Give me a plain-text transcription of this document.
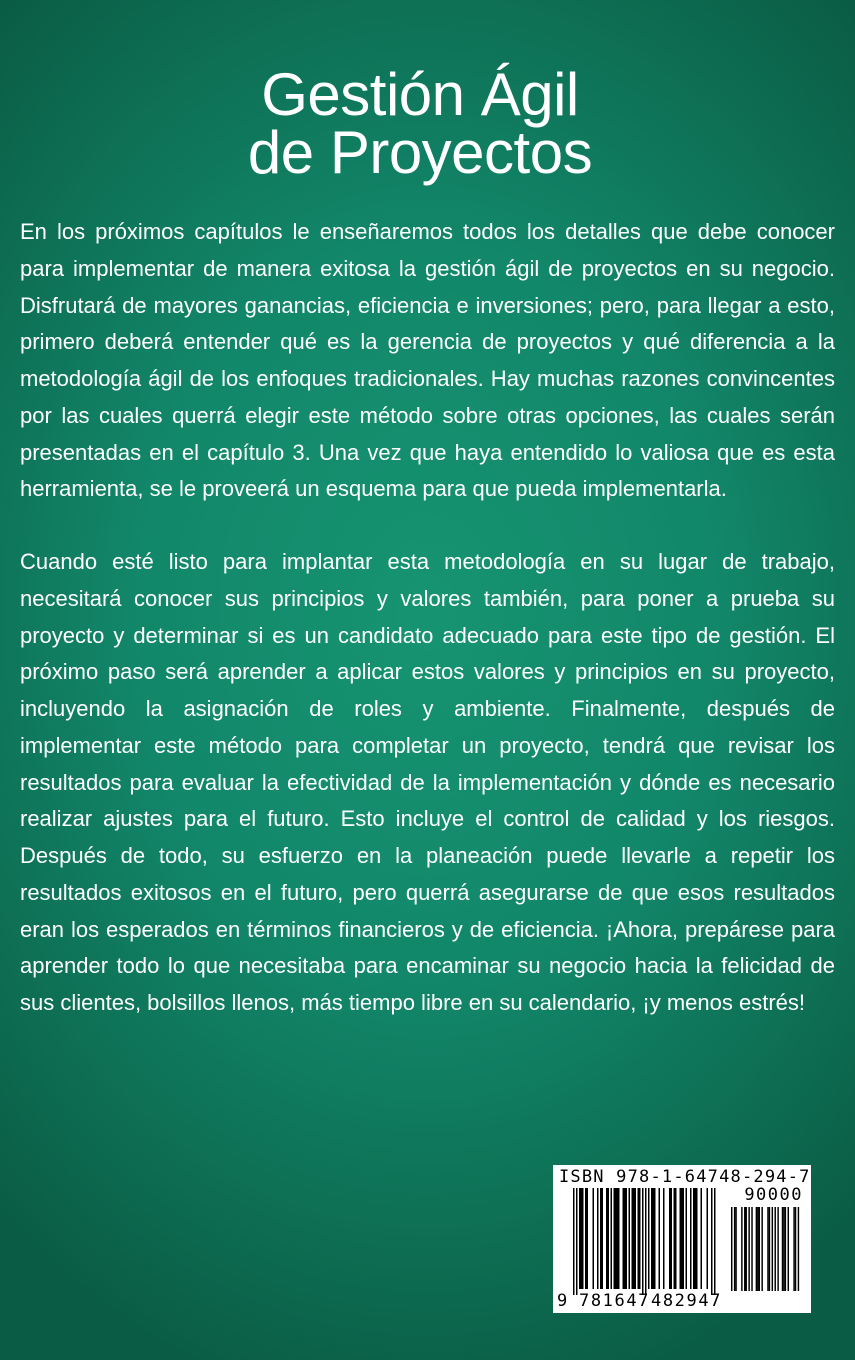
Gestión Ágil
de Proyectos
En los próximos capítulos le enseñaremos todos los detalles que debe conocer
para implementar de manera exitosa la gestión ágil de proyectos en su negocio.
Disfrutará de mayores ganancias, eficiencia e inversiones; pero, para llegar a esto,
primero deberá entender qué es la gerencia de proyectos y qué diferencia a la
metodología ágil de los enfoques tradicionales. Hay muchas razones convincentes
por las cuales querrá elegir este método sobre otras opciones, las cuales serán
presentadas en el capítulo 3. Una vez que haya entendido lo valiosa que es esta
herramienta, se le proveerá un esquema para que pueda implementarla.
Cuando esté listo para implantar esta metodología en su lugar de trabajo,
necesitará conocer sus principios y valores también, para poner a prueba su
proyecto y determinar si es un candidato adecuado para este tipo de gestión. El
próximo paso será aprender a aplicar estos valores y principios en su proyecto,
incluyendo la asignación de roles y ambiente. Finalmente, después de
implementar este método para completar un proyecto, tendrá que revisar los
resultados para evaluar la efectividad de la implementación y dónde es necesario
realizar ajustes para el futuro. Esto incluye el control de calidad y los riesgos.
Después de todo, su esfuerzo en la planeación puede llevarle a repetir los
resultados exitosos en el futuro, pero querrá asegurarse de que esos resultados
eran los esperados en términos financieros y de eficiencia. ¡Ahora, prepárese para
aprender todo lo que necesitaba para encaminar su negocio hacia la felicidad de
sus clientes, bolsillos llenos, más tiempo libre en su calendario, ¡y menos estrés!
ISBN 978-1-64748-294-7
90000
9 781647 482947
